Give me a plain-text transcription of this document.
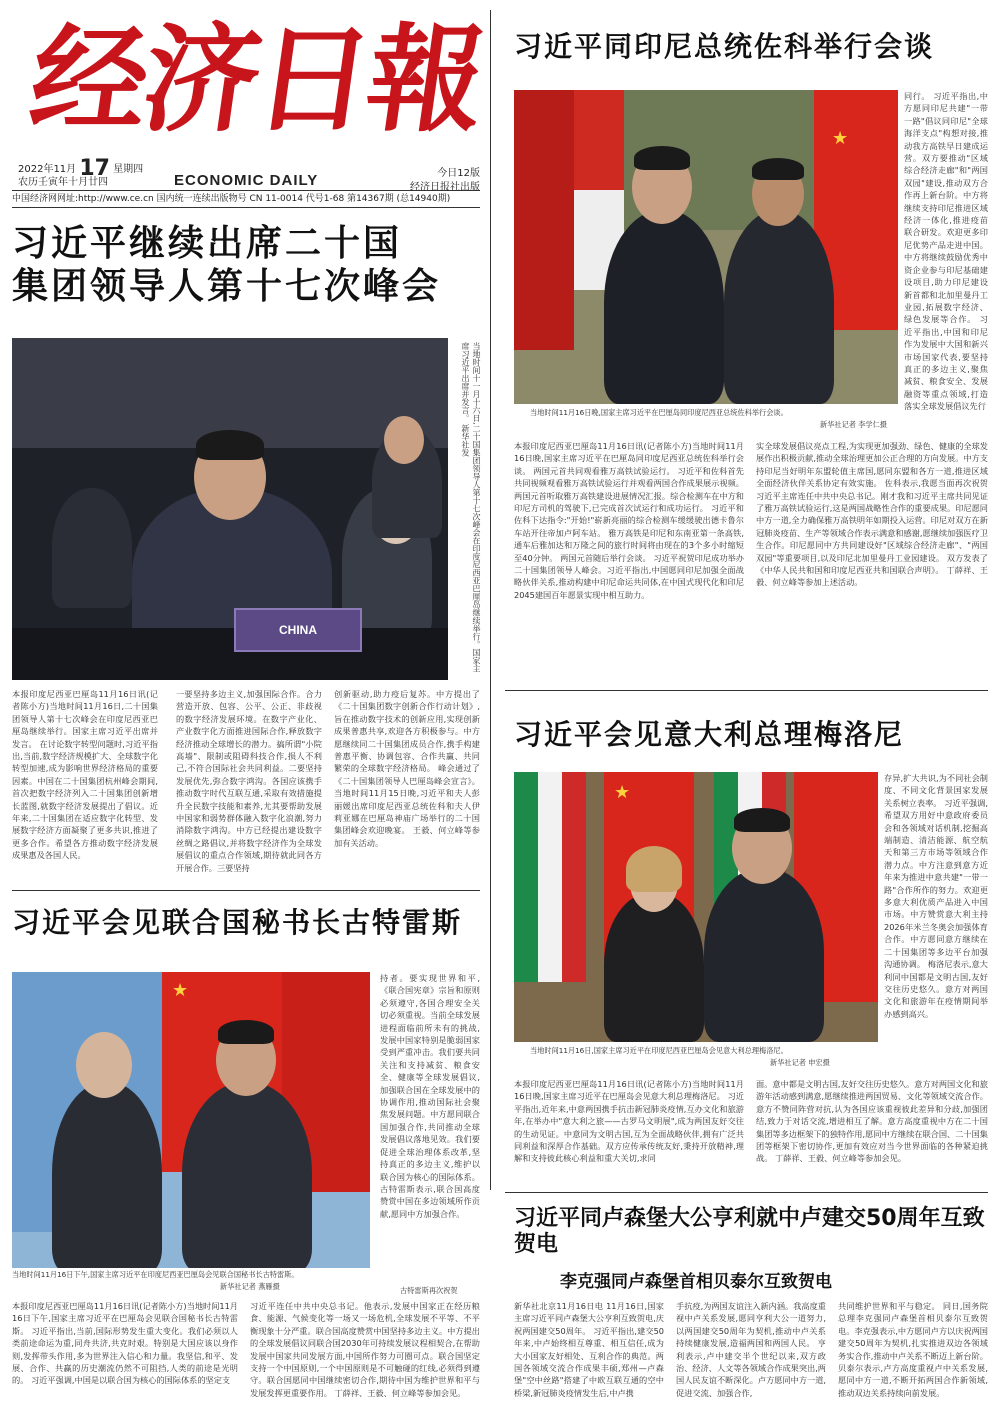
经济日報
2022年11月 17 星期四
农历壬寅年十月廿四	ECONOMIC DAILY	今日12版
经济日报社出版
中国经济网网址:http://www.ce.cn 国内统一连续出版物号 CN 11-0014 代号1-68 第14367期 (总14940期)
习近平继续出席二十国
集团领导人第十七次峰会
CHINA	当地时间十一月十六日,二十国集团领导人第十七次峰会在印度尼西亚巴厘岛继续举行。国家主席习近平出席并发言。 新华社发
本报印度尼西亚巴厘岛11月16日讯(记者陈小方)当地时间11月16日,二十国集团领导人第十七次峰会在印度尼西亚巴厘岛继续举行。国家主席习近平出席并发言。 在讨论数字转型问题时,习近平指出,当前,数字经济规模扩大、全球数字化转型加速,成为影响世界经济格局的重要因素。中国在二十国集团杭州峰会期间,首次把数字经济列入二十国集团创新增长蓝图,就数字经济发展提出了倡议。近年来,二十国集团在适应数字化转型、发展数字经济方面凝聚了更多共识,推进了更多合作。希望各方推动数字经济发展成果惠及各国人民。
一要坚持多边主义,加强国际合作。合力营造开放、包容、公平、公正、非歧视的数字经济发展环境。在数字产业化、产业数字化方面推进国际合作,释放数字经济推动全球增长的潜力。搞所谓"小院高墙"、限制或阻碍科技合作,损人不利己,不符合国际社会共同利益。二要坚持发展优先,弥合数字鸿沟。各国应该携手推动数字时代互联互通,采取有效措施提升全民数字技能和素养,尤其要帮助发展中国家和弱势群体融入数字化浪潮,努力消除数字鸿沟。中方已经提出建设数字丝绸之路倡议,并将数字经济作为全球发展倡议的重点合作领域,期待就此同各方开展合作。三要坚持
创新驱动,助力疫后复苏。中方提出了《二十国集团数字创新合作行动计划》,旨在推动数字技术的创新应用,实现创新成果普惠共享,欢迎各方积极参与。中方愿继续同二十国集团成员合作,携手构建普惠平衡、协调包容、合作共赢、共同繁荣的全球数字经济格局。 峰会通过了《二十国集团领导人巴厘岛峰会宣言》。 当地时间11月15日晚,习近平和夫人彭丽媛出席印度尼西亚总统佐科和夫人伊莉亚娜在巴厘岛神庙广场举行的二十国集团峰会欢迎晚宴。 王毅、何立峰等参加有关活动。
习近平会见联合国秘书长古特雷斯
★
当地时间11月16日下午,国家主席习近平在印度尼西亚巴厘岛会见联合国秘书长古特雷斯。
新华社记者 燕雁摄
持者。要实现世界和平,《联合国宪章》宗旨和原则必须遵守,各国合理安全关切必须重视。当前全球发展进程面临前所未有的挑战,发展中国家特别是脆弱国家受到严重冲击。我们要共同关注和支持减贫、粮食安全、健康等全球发展倡议,加强联合国在全球发展中的协调作用,推动国际社会聚焦发展问题。中方愿同联合国加强合作,共同推动全球发展倡议落地见效。我们要促进全球治理体系改革,坚持真正的多边主义,维护以联合国为核心的国际体系。 古特雷斯表示,联合国高度赞赏中国在多边领域所作贡献,愿同中方加强合作。
古特雷斯再次祝贺
本报印度尼西亚巴厘岛11月16日讯(记者陈小方)当地时间11月16日下午,国家主席习近平在巴厘岛会见联合国秘书长古特雷斯。 习近平指出,当前,国际形势发生重大变化。我们必须以人类前途命运为重,同舟共济,共克时艰。特别是大国应该以身作则,发挥带头作用,多为世界注入信心和力量。我坚信,和平、发展、合作、共赢的历史潮流仍然不可阻挡,人类的前途是光明的。 习近平强调,中国是以联合国为核心的国际体系的坚定支
习近平连任中共中央总书记。他表示,发展中国家正在经历粮食、能源、气候变化等一场又一场危机,全球发展不平等、不平衡现象十分严重。联合国高度赞赏中国坚持多边主义。中方提出的全球发展倡议同联合国2030年可持续发展议程相契合,在帮助发展中国家共同发展方面,中国所作努力可圈可点。联合国坚定支持一个中国原则,一个中国原则是不可触碰的红线,必须得到遵守。联合国愿同中国继续密切合作,期待中国为维护世界和平与发展发挥更重要作用。 丁薛祥、王毅、何立峰等参加会见。
习近平同印尼总统佐科举行会谈
★
当地时间11月16日晚,国家主席习近平在巴厘岛同印度尼西亚总统佐科举行会谈。
新华社记者 李学仁摄
同行。 习近平指出,中方愿同印尼共建"一带一路"倡议同印尼"全球海洋支点"构想对接,推动我方高铁早日建成运营。双方要推动"区域综合经济走廊"和"两国双园"建设,推动双方合作再上新台阶。中方将继续支持印尼推进区域经济一体化,推进疫苗联合研发。欢迎更多印尼优势产品走进中国。中方将继续鼓励优秀中资企业参与印尼基础建设项目,助力印尼建设新首都和北加里曼丹工业园,拓展数字经济、绿色发展等合作。 习近平指出,中国和印尼作为发展中大国和新兴市场国家代表,要坚持真正的多边主义,聚焦减贫、粮食安全、发展融资等重点领域,打造落实全球发展倡议先行
本报印度尼西亚巴厘岛11月16日讯(记者陈小方)当地时间11月16日晚,国家主席习近平在巴厘岛同印度尼西亚总统佐科举行会谈。 两国元首共同观看雅万高铁试验运行。 习近平和佐科首先共同视频观看雅万高铁试验运行并观看两国合作成果展示视频。 两国元首听取雅万高铁建设进展情况汇报。综合检测车在中方和印尼方司机的驾驶下,已完成首次试运行和成功运行。 习近平和佐科下达指令:"开始!"崭新亮丽的综合检测车缓缓驶出德卡鲁尔车站开往帝加卢阿车站。 雅万高铁是印尼和东南亚第一条高铁,通车后雅加达和万隆之间的旅行时间将由现在的3个多小时缩短至40分钟。 两国元首随后举行会谈。 习近平祝贺印尼成功举办二十国集团领导人峰会。习近平指出,中国愿同印尼加强全面战略伙伴关系,推动构建中印尼命运共同体,在中国式现代化和印尼2045建国百年愿景实现中相互助力。
实全球发展倡议亮点工程,为实现更加强劲、绿色、健康的全球发展作出积极贡献,推动全球治理更加公正合理的方向发展。中方支持印尼当好明年东盟轮值主席国,愿同东盟和各方一道,推进区域全面经济伙伴关系协定有效实施。 佐科表示,我愿当面再次祝贺习近平主席连任中共中央总书记。刚才我和习近平主席共同见证了雅万高铁试验运行,这是两国战略性合作的重要成果。印尼愿同中方一道,全力确保雅万高铁明年如期投入运营。印尼对双方在新冠肺炎疫苗、生产等领域合作表示满意和感谢,愿继续加强医疗卫生合作。印尼愿同中方共同建设好"区域综合经济走廊"、"两国双园"等重要项目,以及印尼北加里曼丹工业园建设。 双方发表了《中华人民共和国和印度尼西亚共和国联合声明》。 丁薛祥、王毅、何立峰等参加上述活动。
习近平会见意大利总理梅洛尼
★
当地时间11月16日,国家主席习近平在印度尼西亚巴厘岛会见意大利总理梅洛尼。
新华社记者 申宏摄
存异,扩大共识,为不同社会制度、不同文化背景国家发展关系树立表率。 习近平强调,希望双方用好中意政府委员会和各领域对话机制,挖掘高端制造、清洁能源、航空航天和第三方市场等领域合作潜力点。中方注意到意方近年来为推进中意共建"一带一路"合作所作的努力。欢迎更多意大利优质产品进入中国市场。中方赞赏意大利主持2026年米兰冬奥会加强体育合作。中方愿同意方继续在二十国集团等多边平台加强沟通协调。 梅洛尼表示,意大利同中国都是文明古国,友好交往历史悠久。意方对两国文化和旅游年在疫情期间举办感到高兴。
本报印度尼西亚巴厘岛11月16日讯(记者陈小方)当地时间11月16日晚,国家主席习近平在巴厘岛会见意大利总理梅洛尼。 习近平指出,近年来,中意两国携手抗击新冠肺炎疫情,互办文化和旅游年,在举办中"意大利之旅——古罗马文明展",成为两国友好交往的生动见证。中意同为文明古国,互为全面战略伙伴,拥有广泛共同利益和深厚合作基础。双方应传承传统友好,秉持开放精神,理解和支持彼此核心利益和重大关切,求同
面。意中都是文明古国,友好交往历史悠久。意方对两国文化和旅游年活动感到满意,愿继续推进两国贸易、文化等领域交流合作。意方不赞同阵营对抗,认为各国应该重视彼此差异和分歧,加强团结,致力于对话交流,增进相互了解。意方高度重视中方在二十国集团等多边框架下的独特作用,愿同中方继续在联合国、二十国集团等框架下密切协作,更加有效应对当今世界面临的各种紧迫挑战。 丁薛祥、王毅、何立峰等参加会见。
习近平同卢森堡大公亨利就中卢建交50周年互致贺电
李克强同卢森堡首相贝泰尔互致贺电
新华社北京11月16日电 11月16日,国家主席习近平同卢森堡大公亨利互致贺电,庆祝两国建交50周年。 习近平指出,建交50年来,中卢始终相互尊重、相互信任,成为大小国家友好相处、互利合作的典范。两国各领域交流合作成果丰硕,郑州—卢森堡"空中丝路"搭建了中欧互联互通的空中桥梁,新冠肺炎疫情发生后,中卢携
手抗疫,为两国友谊注入新内涵。我高度重视中卢关系发展,愿同亨利大公一道努力,以两国建交50周年为契机,推动中卢关系持续健康发展,造福两国和两国人民。 亨利表示,卢中建交半个世纪以来,双方政治、经济、人文等各领域合作成果突出,两国人民友谊不断深化。卢方愿同中方一道,促进交流、加强合作,
共同维护世界和平与稳定。 同日,国务院总理李克强同卢森堡首相贝泰尔互致贺电。李克强表示,中方愿同卢方以庆祝两国建交50周年为契机,扎实推进双边各领域务实合作,推动中卢关系不断迈上新台阶。贝泰尔表示,卢方高度重视卢中关系发展,愿同中方一道,不断开拓两国合作新领域,推动双边关系持续向前发展。
